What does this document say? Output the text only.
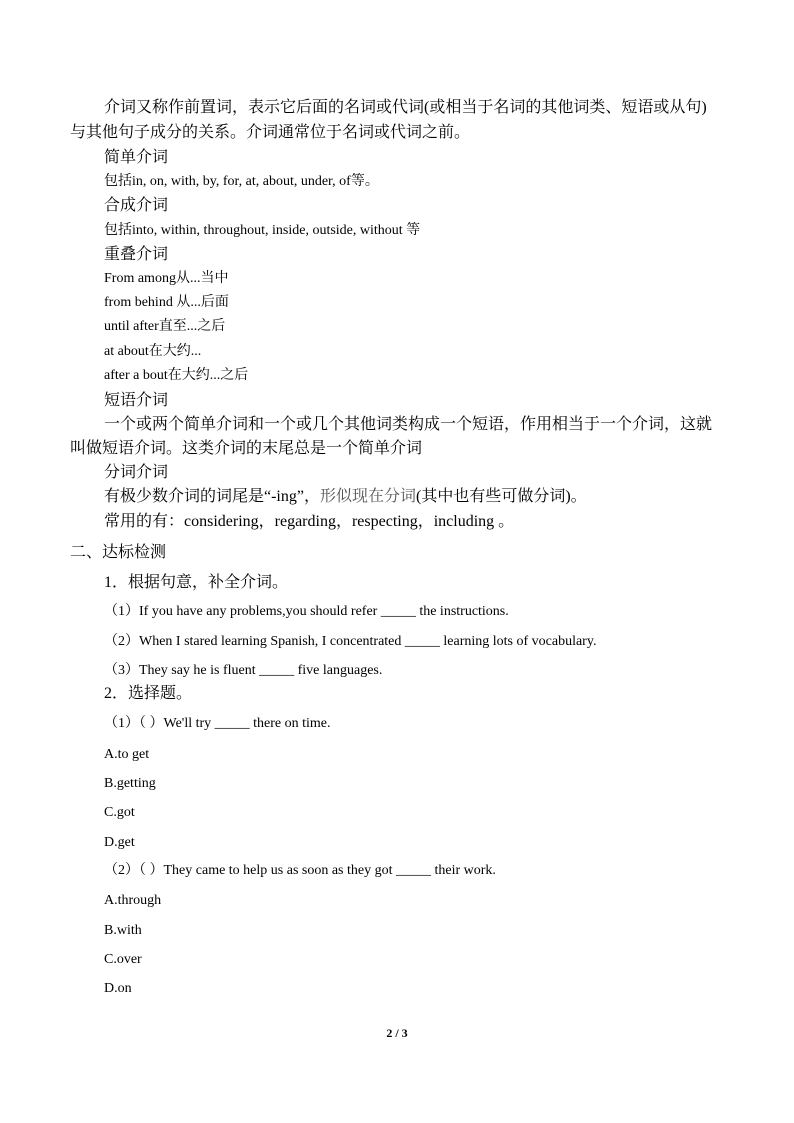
介词又称作前置词，表示它后面的名词或代词(或相当于名词的其他词类、短语或从句)
与其他句子成分的关系。介词通常位于名词或代词之前。
简单介词
包括in, on, with, by, for, at, about, under, of等。
合成介词
包括into, within, throughout, inside, outside, without 等
重叠介词
From among从...当中
from behind 从...后面
until after直至...之后
at about在大约...
after a bout在大约...之后
短语介词
一个或两个简单介词和一个或几个其他词类构成一个短语，作用相当于一个介词，这就
叫做短语介词。这类介词的末尾总是一个简单介词
分词介词
有极少数介词的词尾是“-ing”，形似现在分词(其中也有些可做分词)。
常用的有：considering，regarding，respecting，including 。
二、达标检测
1．根据句意，补全介词。
（1）If you have any problems,you should refer _____ the instructions.
（2）When I stared learning Spanish, I concentrated _____ learning lots of vocabulary.
（3）They say he is fluent _____ five languages.
2．选择题。
（1）（ ）We'll try _____ there on time.
A.to get
B.getting
C.got
D.get
（2）（ ）They came to help us as soon as they got _____ their work.
A.through
B.with
C.over
D.on
2 / 3
